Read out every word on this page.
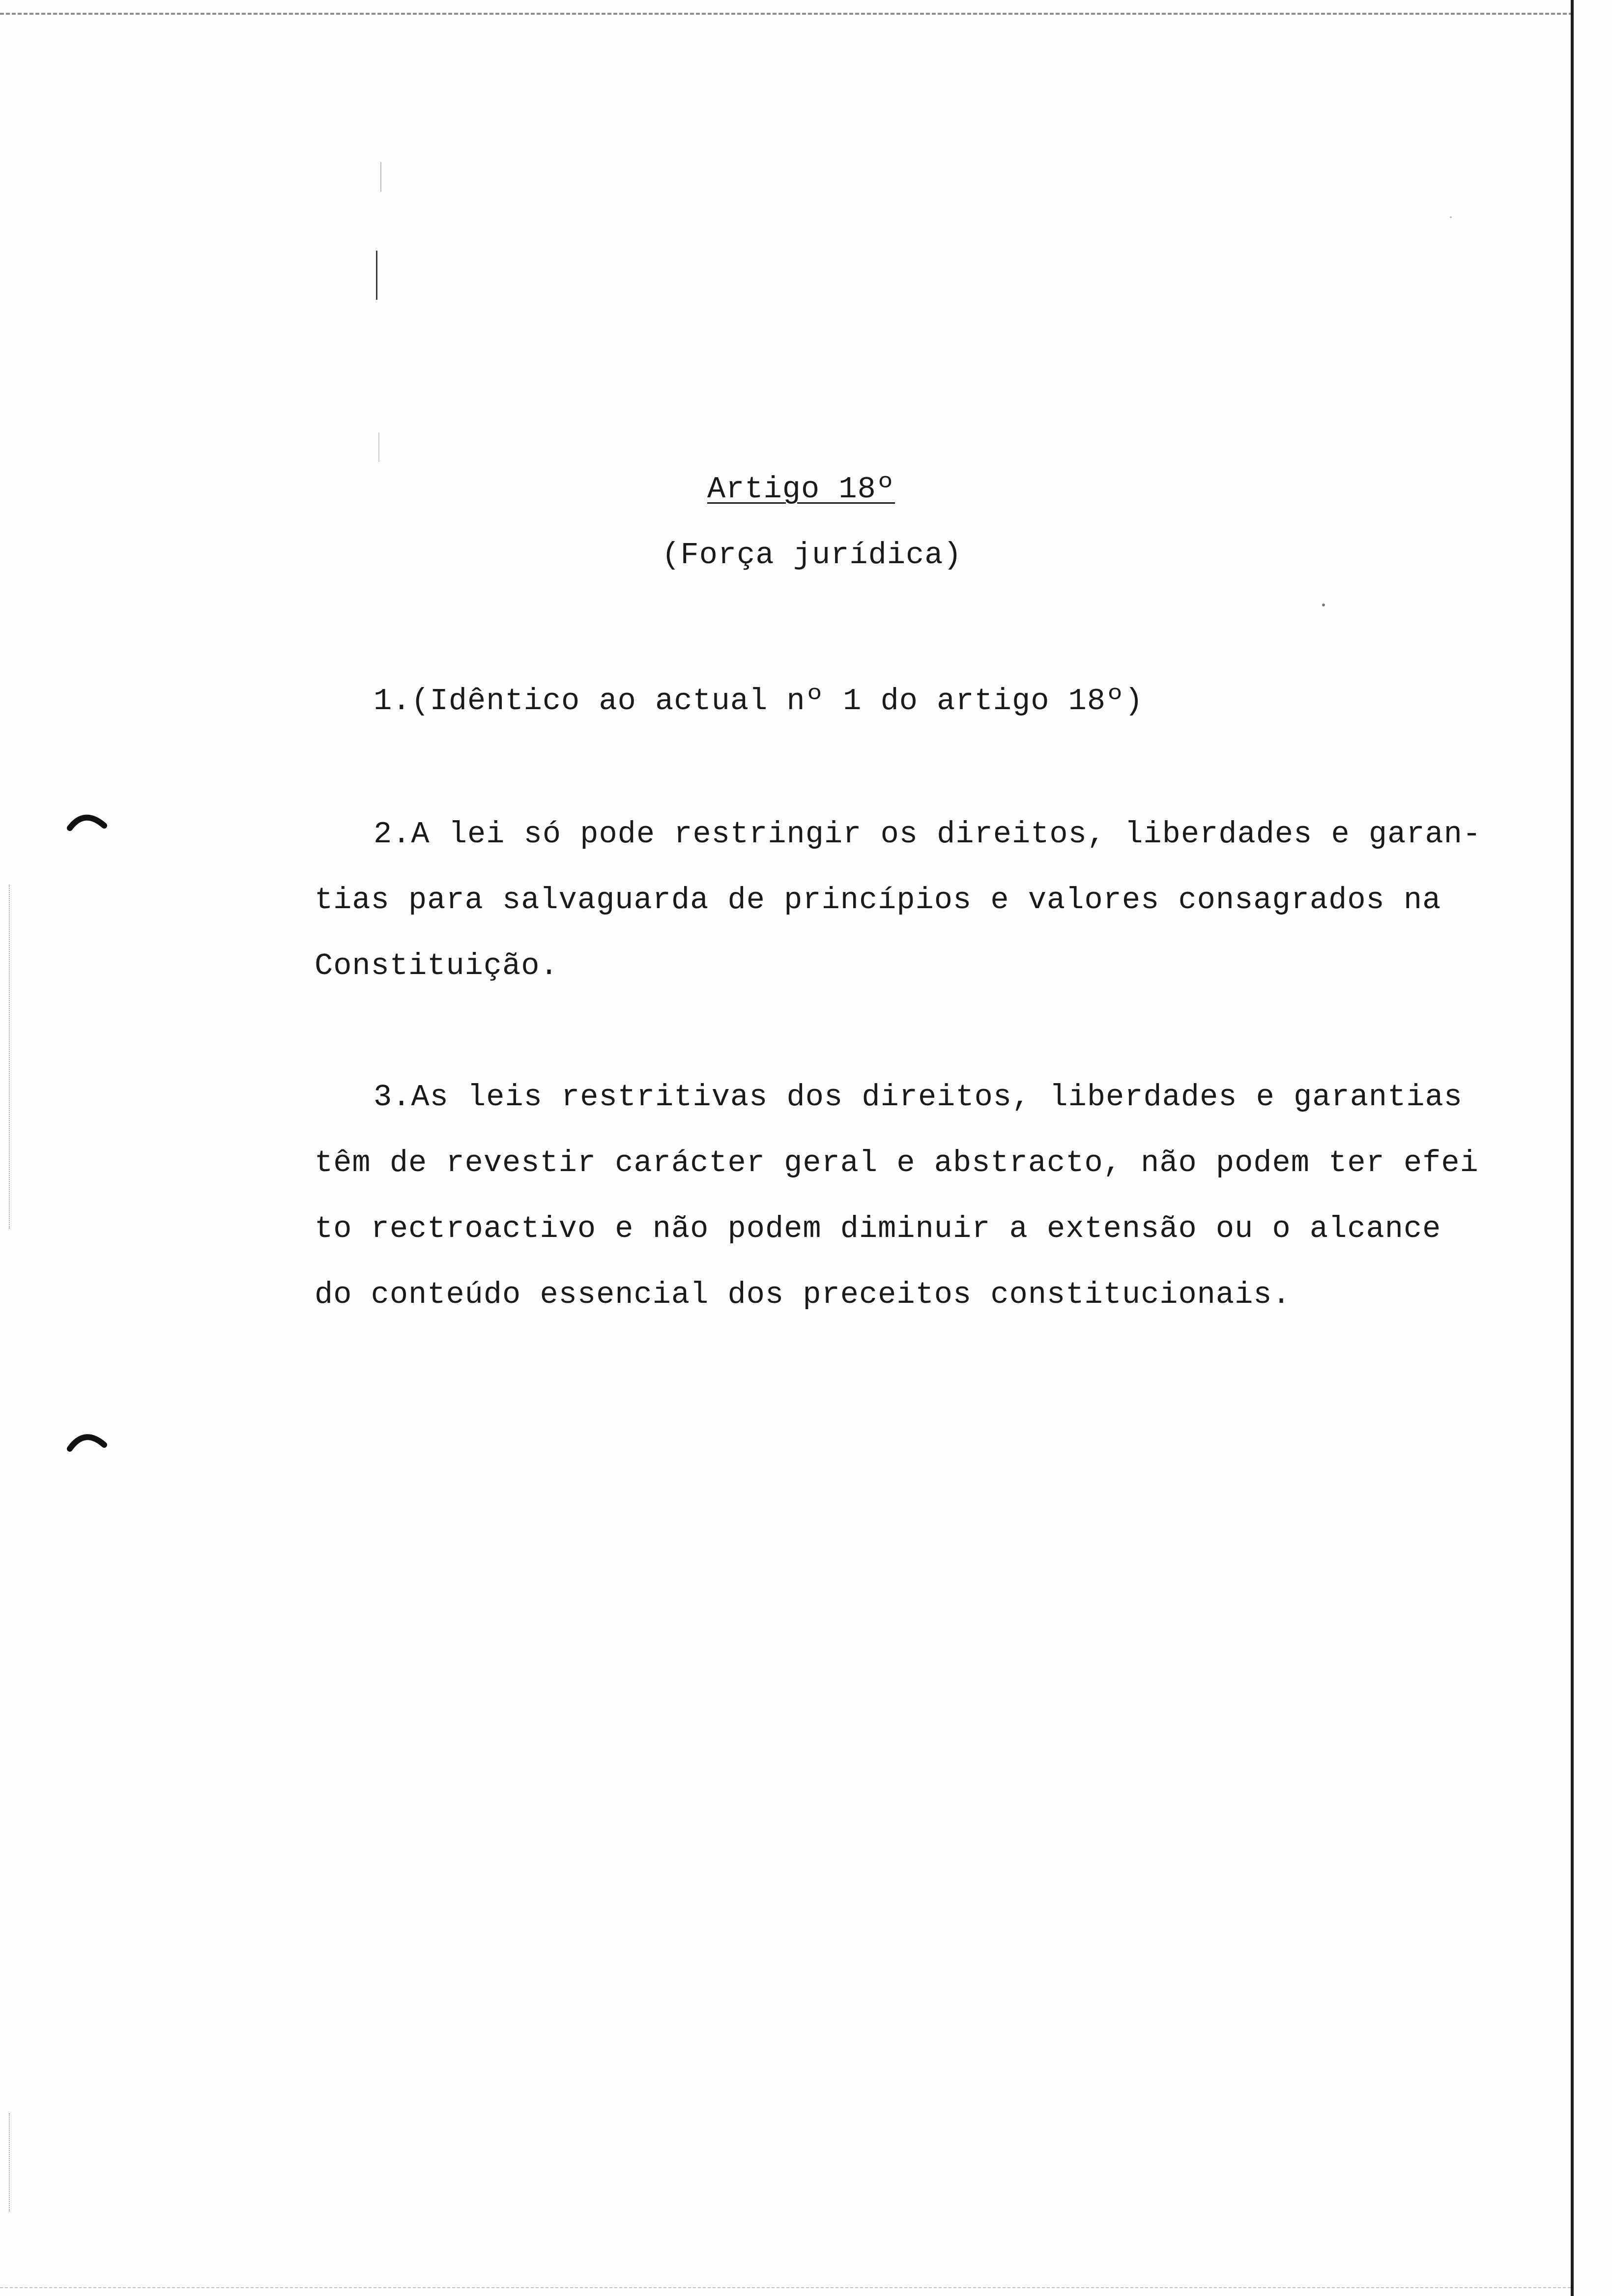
Artigo 18º
(Força jurídica)

1.(Idêntico ao actual nº 1 do artigo 18º)

2.A lei só pode restringir os direitos, liberdades e garan-
tias para salvaguarda de princípios e valores consagrados na
Constituição.

3.As leis restritivas dos direitos, liberdades e garantias
têm de revestir carácter geral e abstracto, não podem ter efei
to rectroactivo e não podem diminuir a extensão ou o alcance
do conteúdo essencial dos preceitos constitucionais.
